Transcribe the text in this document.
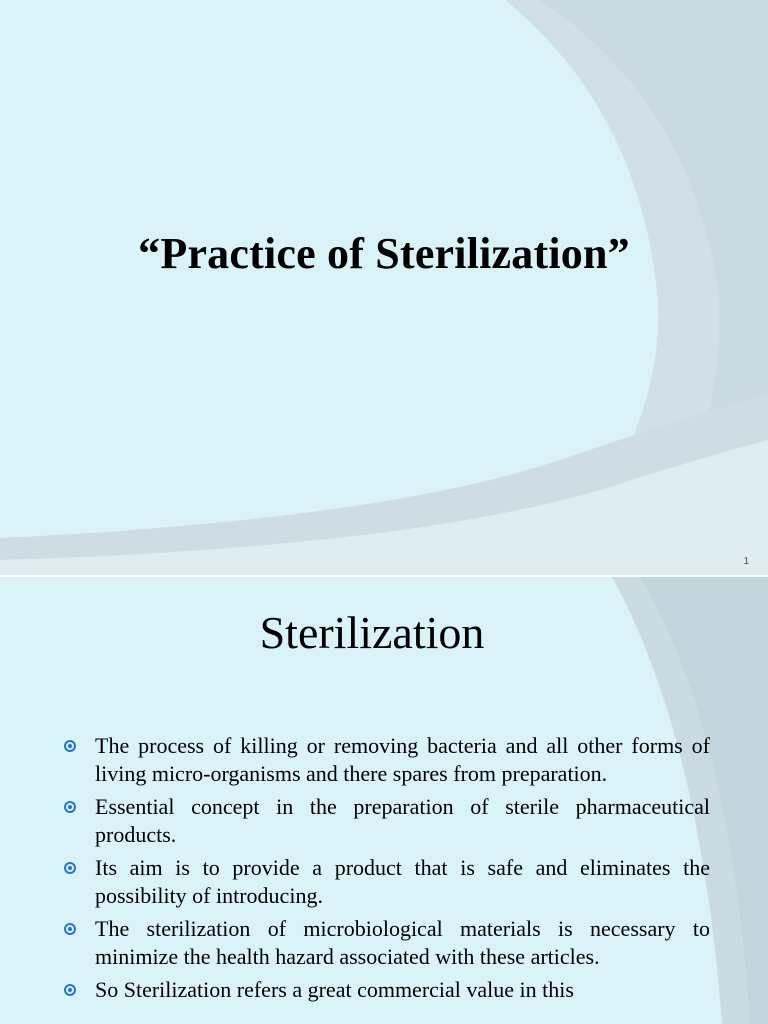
“Practice of Sterilization”
1
Sterilization
The process of killing or removing bacteria and all other forms of living micro-organisms and there spares from preparation.
Essential concept in the preparation of sterile pharmaceutical products.
Its aim is to provide a product that is safe and eliminates the possibility of introducing.
The sterilization of microbiological materials is necessary to minimize the health hazard associated with these articles.
So Sterilization refers a great commercial value in this
